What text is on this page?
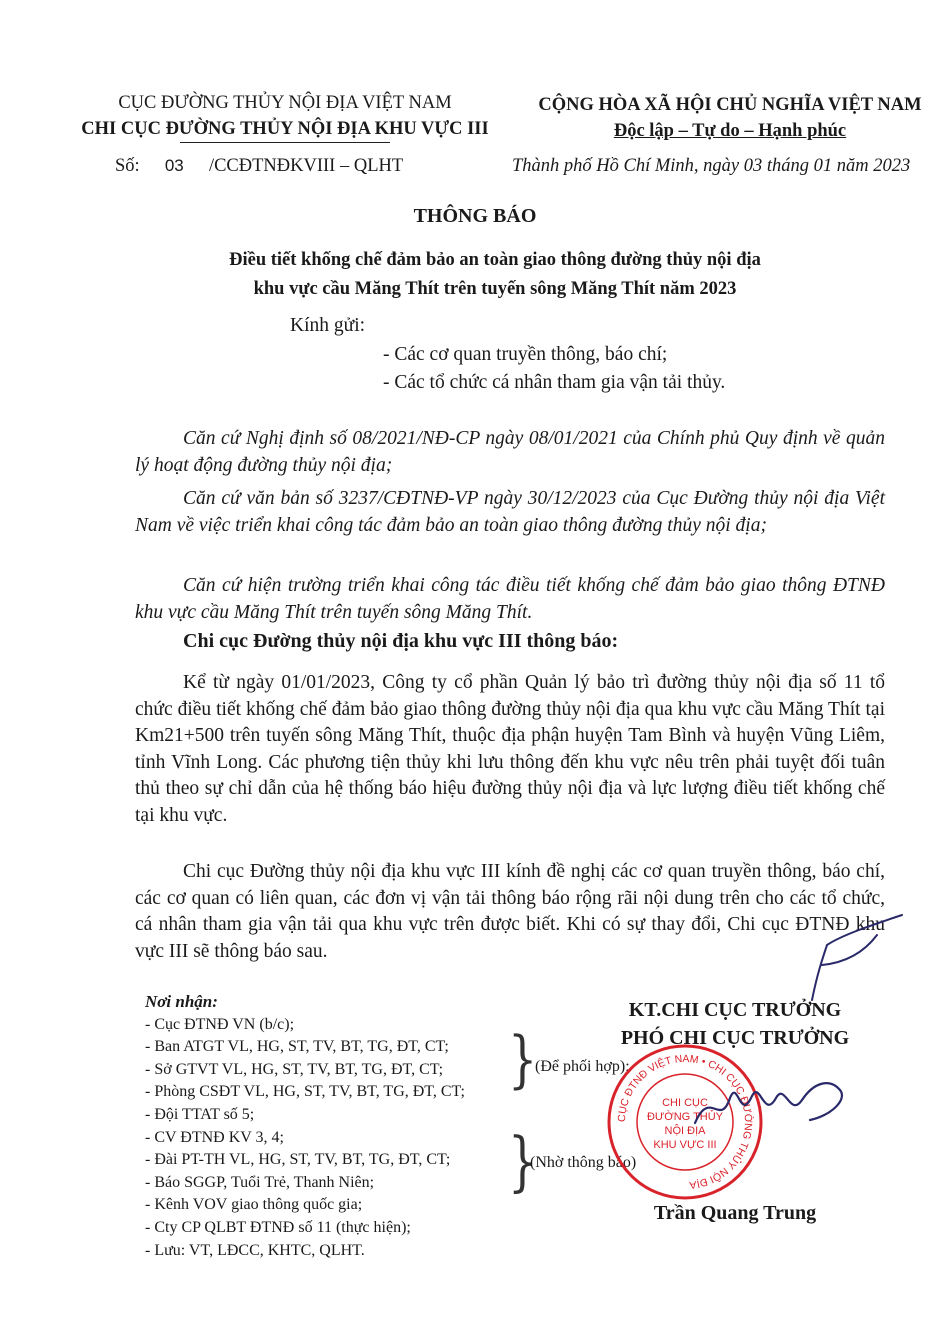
CỤC ĐƯỜNG THỦY NỘI ĐỊA VIỆT NAM
CHI CỤC ĐƯỜNG THỦY NỘI ĐỊA KHU VỰC III
CỘNG HÒA XÃ HỘI CHỦ NGHĨA VIỆT NAM
Độc lập – Tự do – Hạnh phúc
Số: 03 /CCĐTNĐKVIII – QLHT	Thành phố Hồ Chí Minh, ngày 03 tháng 01 năm 2023
THÔNG BÁO
Điều tiết khống chế đảm bảo an toàn giao thông đường thủy nội địa
khu vực cầu Măng Thít trên tuyến sông Măng Thít năm 2023
Kính gửi:
- Các cơ quan truyền thông, báo chí;
- Các tổ chức cá nhân tham gia vận tải thủy.
Căn cứ Nghị định số 08/2021/NĐ-CP ngày 08/01/2021 của Chính phủ Quy định về quản lý hoạt động đường thủy nội địa;
Căn cứ văn bản số 3237/CĐTNĐ-VP ngày 30/12/2023 của Cục Đường thủy nội địa Việt Nam về việc triển khai công tác đảm bảo an toàn giao thông đường thủy nội địa;
Căn cứ hiện trường triển khai công tác điều tiết khống chế đảm bảo giao thông ĐTNĐ khu vực cầu Măng Thít trên tuyến sông Măng Thít.
Chi cục Đường thủy nội địa khu vực III thông báo:
Kể từ ngày 01/01/2023, Công ty cổ phần Quản lý bảo trì đường thủy nội địa số 11 tổ chức điều tiết khống chế đảm bảo giao thông đường thủy nội địa qua khu vực cầu Măng Thít tại Km21+500 trên tuyến sông Măng Thít, thuộc địa phận huyện Tam Bình và huyện Vũng Liêm, tỉnh Vĩnh Long. Các phương tiện thủy khi lưu thông đến khu vực nêu trên phải tuyệt đối tuân thủ theo sự chỉ dẫn của hệ thống báo hiệu đường thủy nội địa và lực lượng điều tiết khống chế tại khu vực.
Chi cục Đường thủy nội địa khu vực III kính đề nghị các cơ quan truyền thông, báo chí, các cơ quan có liên quan, các đơn vị vận tải thông báo rộng rãi nội dung trên cho các tổ chức, cá nhân tham gia vận tải qua khu vực trên được biết. Khi có sự thay đổi, Chi cục ĐTNĐ khu vực III sẽ thông báo sau.
Nơi nhận:
- Cục ĐTNĐ VN (b/c);
- Ban ATGT VL, HG, ST, TV, BT, TG, ĐT, CT;
- Sở GTVT VL, HG, ST, TV, BT, TG, ĐT, CT;
- Phòng CSĐT VL, HG, ST, TV, BT, TG, ĐT, CT;
- Đội TTAT số 5;
- CV ĐTNĐ KV 3, 4;
- Đài PT-TH VL, HG, ST, TV, BT, TG, ĐT, CT;
- Báo SGGP, Tuổi Trẻ, Thanh Niên;
- Kênh VOV giao thông quốc gia;
- Cty CP QLBT ĐTNĐ số 11 (thực hiện);
- Lưu: VT, LĐCC, KHTC, QLHT.
}
(Để phối hợp);
}
(Nhờ thông báo)
KT.CHI CỤC TRƯỞNG
PHÓ CHI CỤC TRƯỞNG
CỤC ĐTNĐ VIỆT NAM • CHI CỤC ĐƯỜNG THỦY NỘI ĐỊA
CHI CỤC
ĐƯỜNG THỦY
NỘI ĐỊA
KHU VỰC III
Trần Quang Trung
